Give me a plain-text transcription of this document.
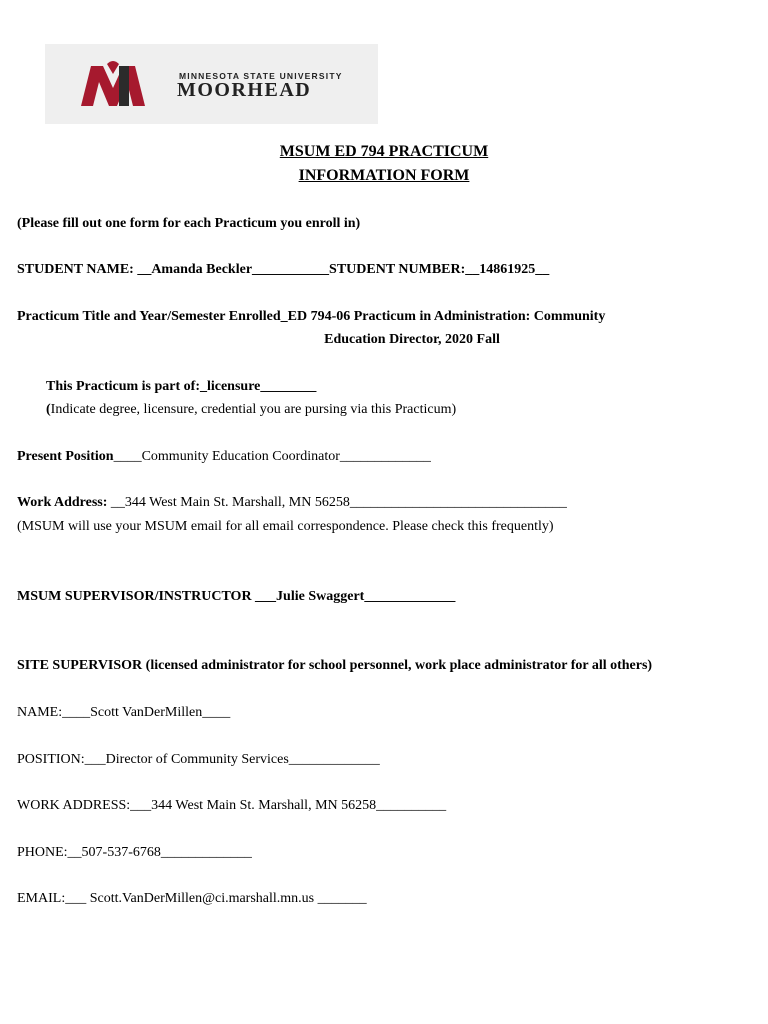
MINNESOTA STATE UNIVERSITY
MOORHEAD
MSUM ED 794 PRACTICUM
INFORMATION FORM
(Please fill out one form for each Practicum you enroll in)
STUDENT NAME: __Amanda Beckler___________STUDENT NUMBER:__14861925__
Practicum Title and Year/Semester Enrolled_ED 794-06 Practicum in Administration: Community
Education Director, 2020 Fall
This Practicum is part of:_licensure________
(Indicate degree, licensure, credential you are pursing via this Practicum)
Present Position____Community Education Coordinator_____________
Work Address: __344 West Main St. Marshall, MN 56258_______________________________
(MSUM will use your MSUM email for all email correspondence. Please check this frequently)
MSUM SUPERVISOR/INSTRUCTOR ___Julie Swaggert_____________
SITE SUPERVISOR (licensed administrator for school personnel, work place administrator for all others)
NAME:____Scott VanDerMillen____
POSITION:___Director of Community Services_____________
WORK ADDRESS:___344 West Main St. Marshall, MN 56258__________
PHONE:__507-537-6768_____________
EMAIL:___ Scott.VanDerMillen@ci.marshall.mn.us _______
